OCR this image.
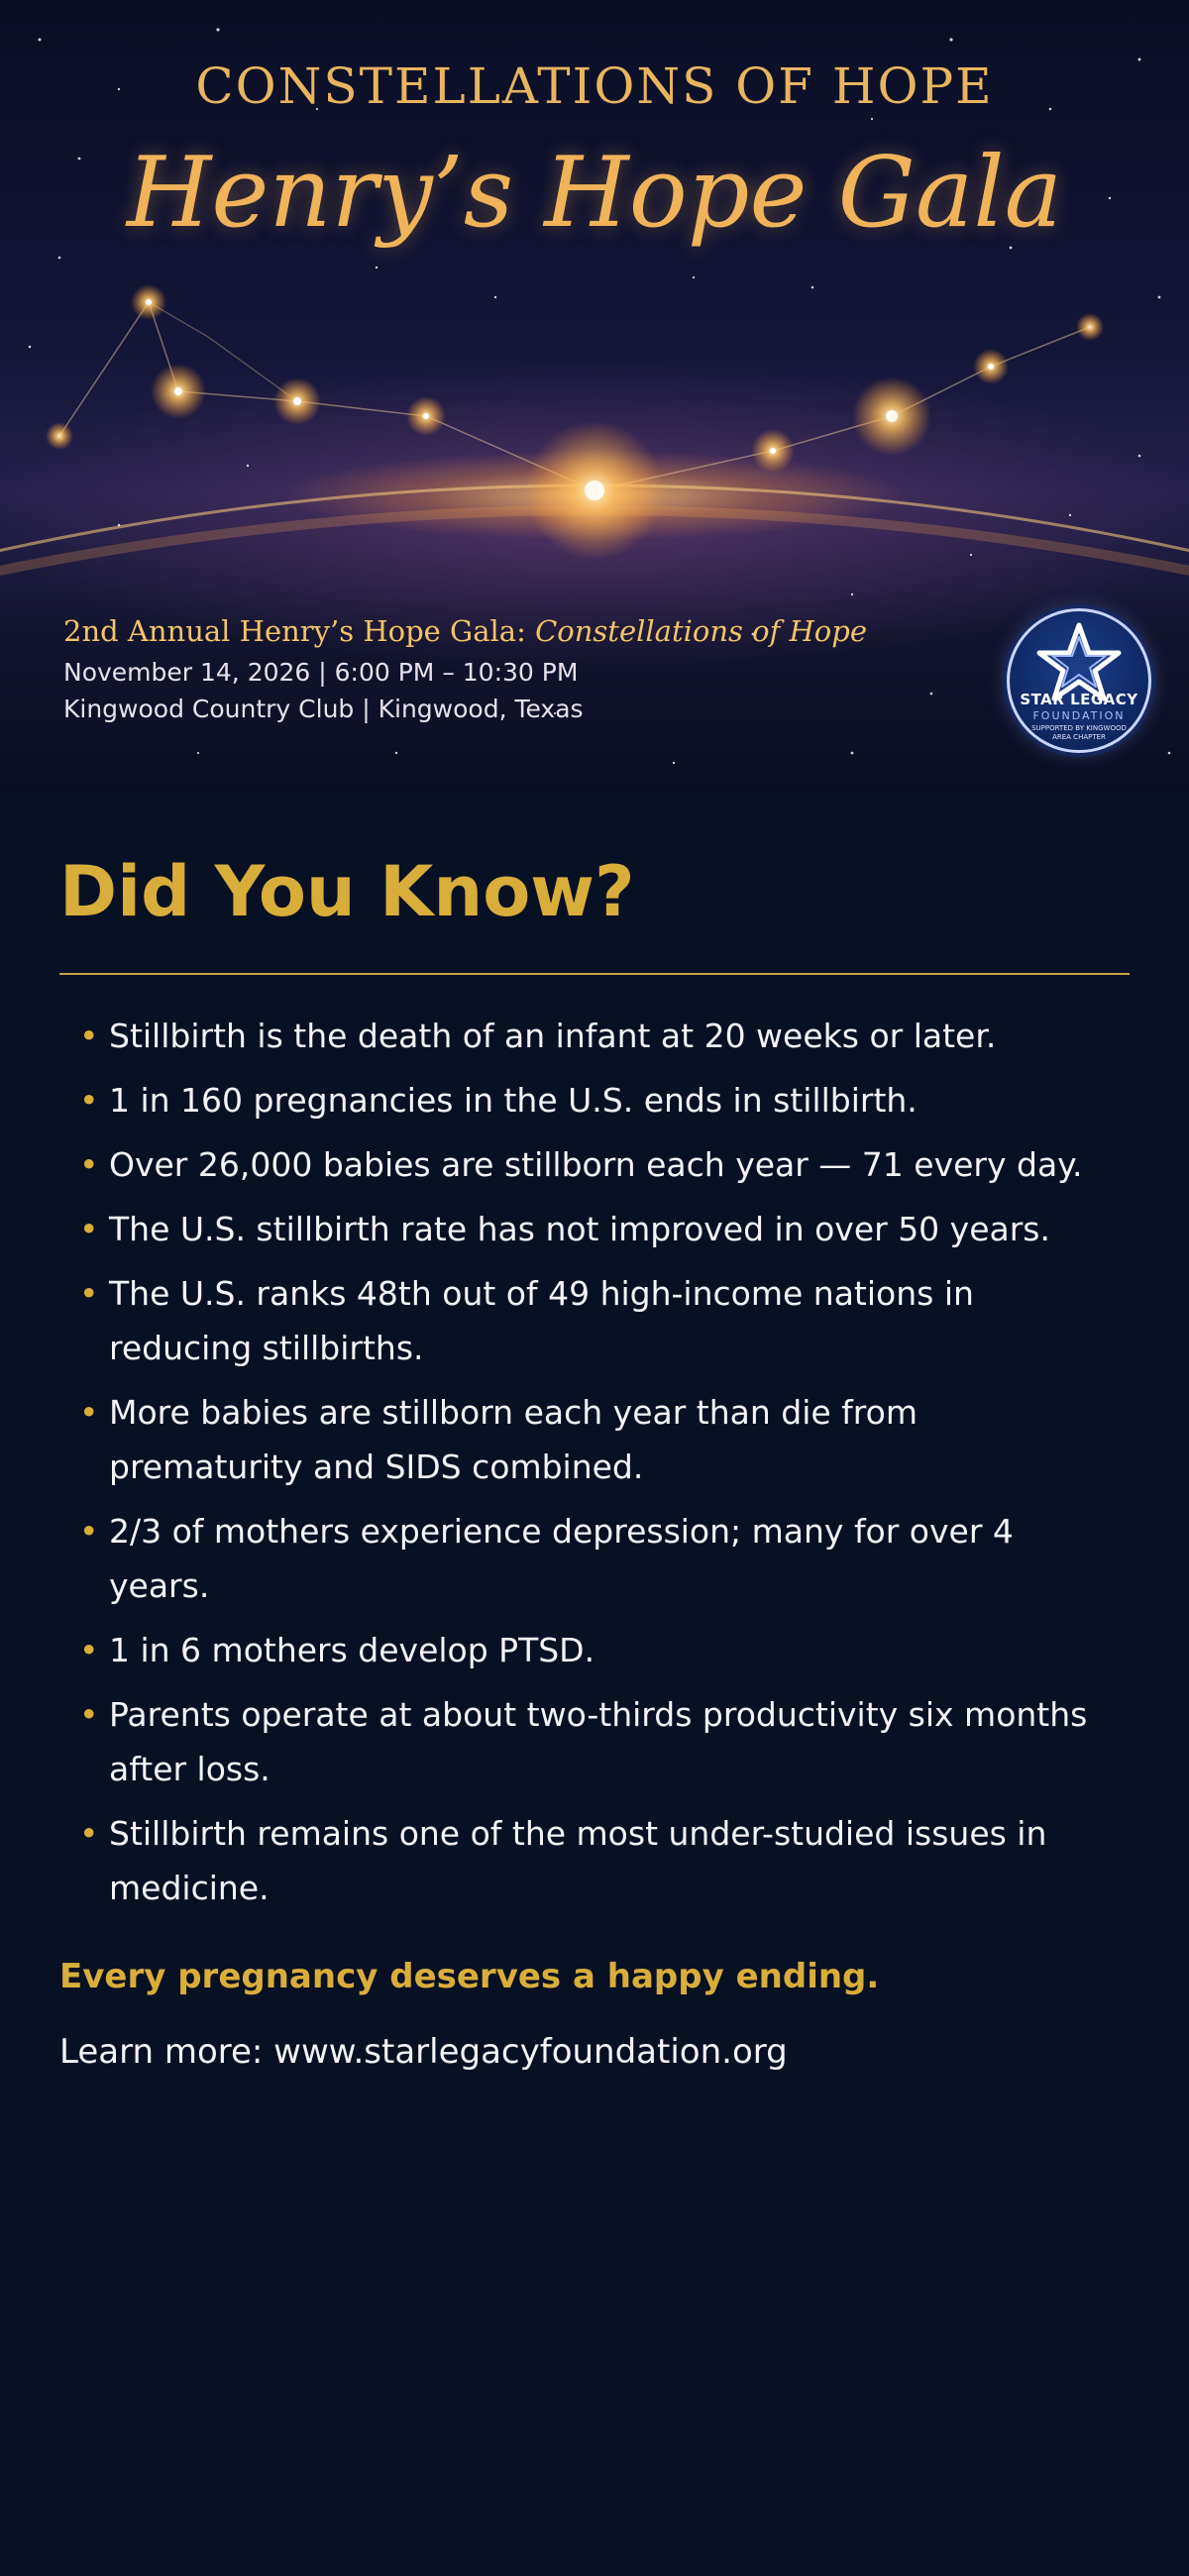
CONSTELLATIONS OF HOPE
Henry’s Hope Gala
2nd Annual Henry’s Hope Gala: Constellations of Hope
November 14, 2026 | 6:00 PM – 10:30 PM
Kingwood Country Club | Kingwood, Texas	STAR LEGACY
FOUNDATION
SUPPORTED BY KINGWOOD AREA CHAPTER
Did You Know?
• Stillbirth is the death of an infant at 20 weeks or later.
• 1 in 160 pregnancies in the U.S. ends in stillbirth.
• Over 26,000 babies are stillborn each year — 71 every day.
• The U.S. stillbirth rate has not improved in over 50 years.
• The U.S. ranks 48th out of 49 high-income nations in reducing stillbirths.
• More babies are stillborn each year than die from prematurity and SIDS combined.
• 2/3 of mothers experience depression; many for over 4 years.
• 1 in 6 mothers develop PTSD.
• Parents operate at about two-thirds productivity six months after loss.
• Stillbirth remains one of the most under-studied issues in medicine.
Every pregnancy deserves a happy ending.
Learn more: www.starlegacyfoundation.org
